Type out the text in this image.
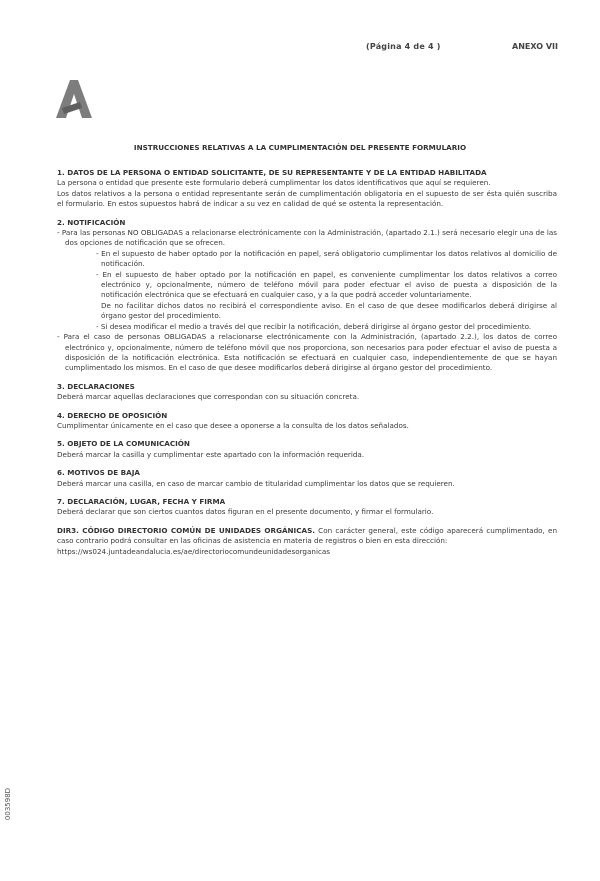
(Página 4 de 4 )	ANEXO VII
INSTRUCCIONES RELATIVAS A LA CUMPLIMENTACIÓN DEL PRESENTE FORMULARIO
1. DATOS DE LA PERSONA O ENTIDAD SOLICITANTE, DE SU REPRESENTANTE Y DE LA ENTIDAD HABILITADA

La persona o entidad que presente este formulario deberá cumplimentar los datos identificativos que aquí se requieren.

Los datos relativos a la persona o entidad representante serán de cumplimentación obligatoria en el supuesto de ser ésta quién suscriba el formulario. En estos supuestos habrá de indicar a su vez en calidad de qué se ostenta la representación.

2. NOTIFICACIÓN

- Para las personas NO OBLIGADAS a relacionarse electrónicamente con la Administración, (apartado 2.1.) será necesario elegir una de las dos opciones de notificación que se ofrecen.

- En el supuesto de haber optado por la notificación en papel, será obligatorio cumplimentar los datos relativos al domicilio de notificación.

- En el supuesto de haber optado por la notificación en papel, es conveniente cumplimentar los datos relativos a correo electrónico y, opcionalmente, número de teléfono móvil para poder efectuar el aviso de puesta a disposición de la notificación electrónica que se efectuará en cualquier caso, y a la que podrá acceder voluntariamente.

De no facilitar dichos datos no recibirá el correspondiente aviso. En el caso de que desee modificarlos deberá dirigirse al órgano gestor del procedimiento.

- Si desea modificar el medio a través del que recibir la notificación, deberá dirigirse al órgano gestor del procedimiento.

- Para el caso de personas OBLIGADAS a relacionarse electrónicamente con la Administración, (apartado 2.2.), los datos de correo electrónico y, opcionalmente, número de teléfono móvil que nos proporciona, son necesarios para poder efectuar el aviso de puesta a disposición de la notificación electrónica. Esta notificación se efectuará en cualquier caso, independientemente de que se hayan cumplimentado los mismos. En el caso de que desee modificarlos deberá dirigirse al órgano gestor del procedimiento.

3. DECLARACIONES

Deberá marcar aquellas declaraciones que correspondan con su situación concreta.

4. DERECHO DE OPOSICIÓN

Cumplimentar únicamente en el caso que desee a oponerse a la consulta de los datos señalados.

5. OBJETO DE LA COMUNICACIÓN

Deberá marcar la casilla y cumplimentar este apartado con la información requerida.

6. MOTIVOS DE BAJA

Deberá marcar una casilla, en caso de marcar cambio de titularidad cumplimentar los datos que se requieren.

7. DECLARACIÓN, LUGAR, FECHA Y FIRMA

Deberá declarar que son ciertos cuantos datos figuran en el presente documento, y firmar el formulario.

DIR3. CÓDIGO DIRECTORIO COMÚN DE UNIDADES ORGÁNICAS. Con carácter general, este código aparecerá cumplimentado, en caso contrario podrá consultar en las oficinas de asistencia en materia de registros o bien en esta dirección:

https://ws024.juntadeandalucia.es/ae/directoriocomundeunidadesorganicas

003598D
